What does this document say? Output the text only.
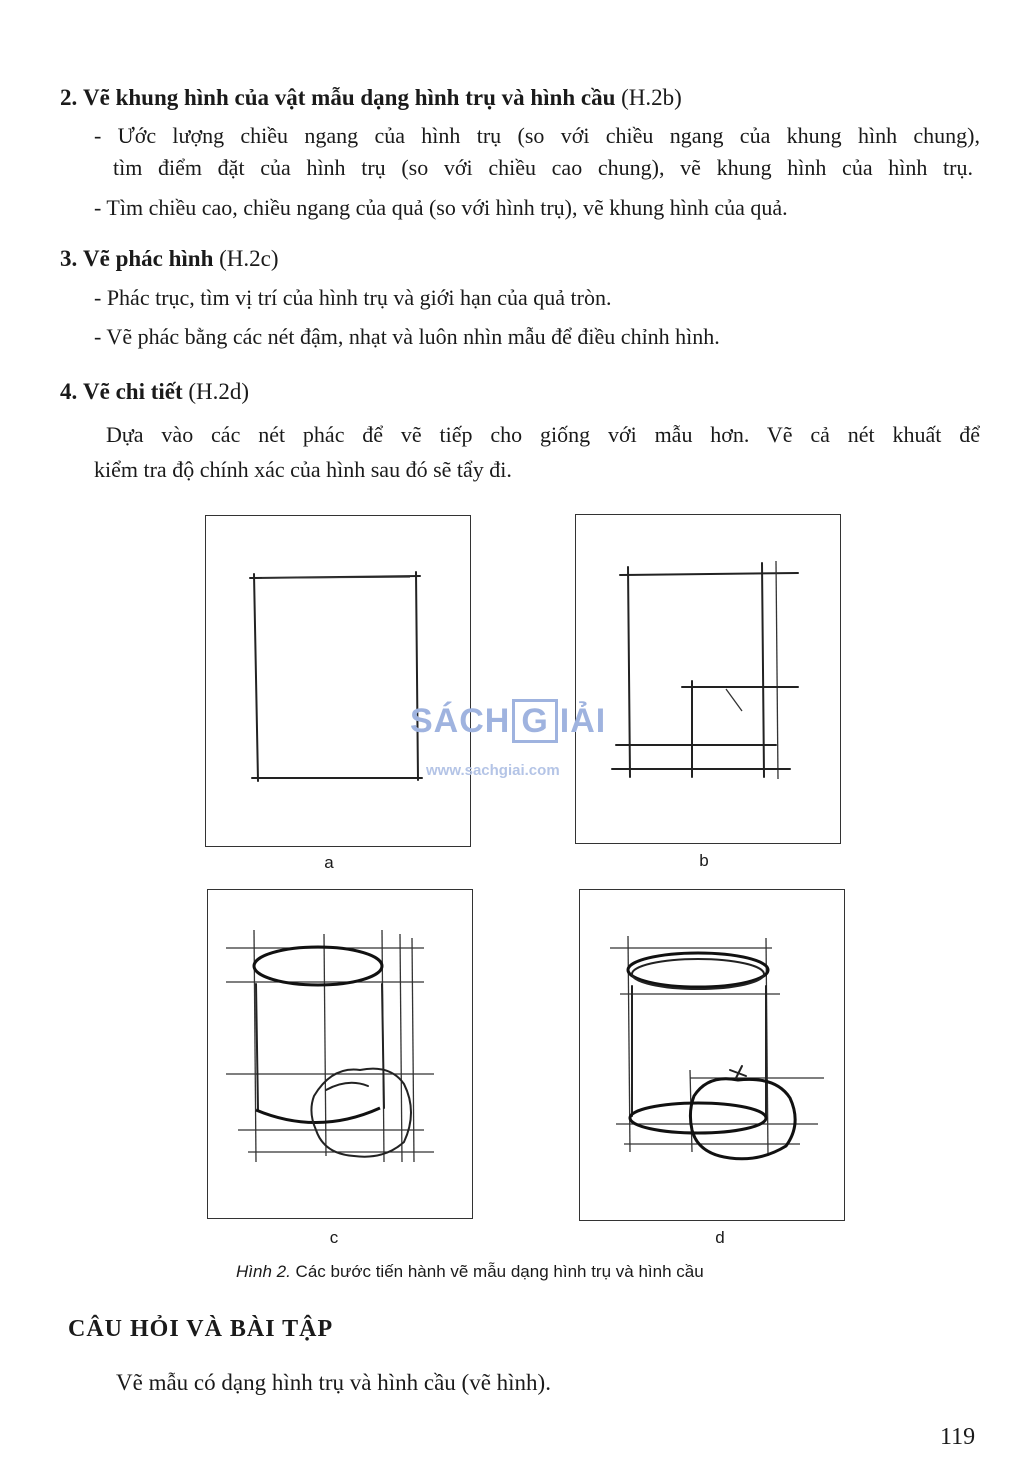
2. Vẽ khung hình của vật mẫu dạng hình trụ và hình cầu (H.2b)
- Ước lượng chiều ngang của hình trụ (so với chiều ngang của khung hình chung),
tìm điểm đặt của hình trụ (so với chiều cao chung), vẽ khung hình của hình trụ.
- Tìm chiều cao, chiều ngang của quả (so với hình trụ), vẽ khung hình của quả.
3. Vẽ phác hình (H.2c)
- Phác trục, tìm vị trí của hình trụ và giới hạn của quả tròn.
- Vẽ phác bằng các nét đậm, nhạt và luôn nhìn mẫu để điều chỉnh hình.
4. Vẽ chi tiết (H.2d)
Dựa vào các nét phác để vẽ tiếp cho giống với mẫu hơn. Vẽ cả nét khuất để
kiểm tra độ chính xác của hình sau đó sẽ tẩy đi.
a	b
c	d
Hình 2. Các bước tiến hành vẽ mẫu dạng hình trụ và hình cầu
SÁCH G IẢI
www.sachgiai.com
CÂU HỎI VÀ BÀI TẬP
Vẽ mẫu có dạng hình trụ và hình cầu (vẽ hình).
119
